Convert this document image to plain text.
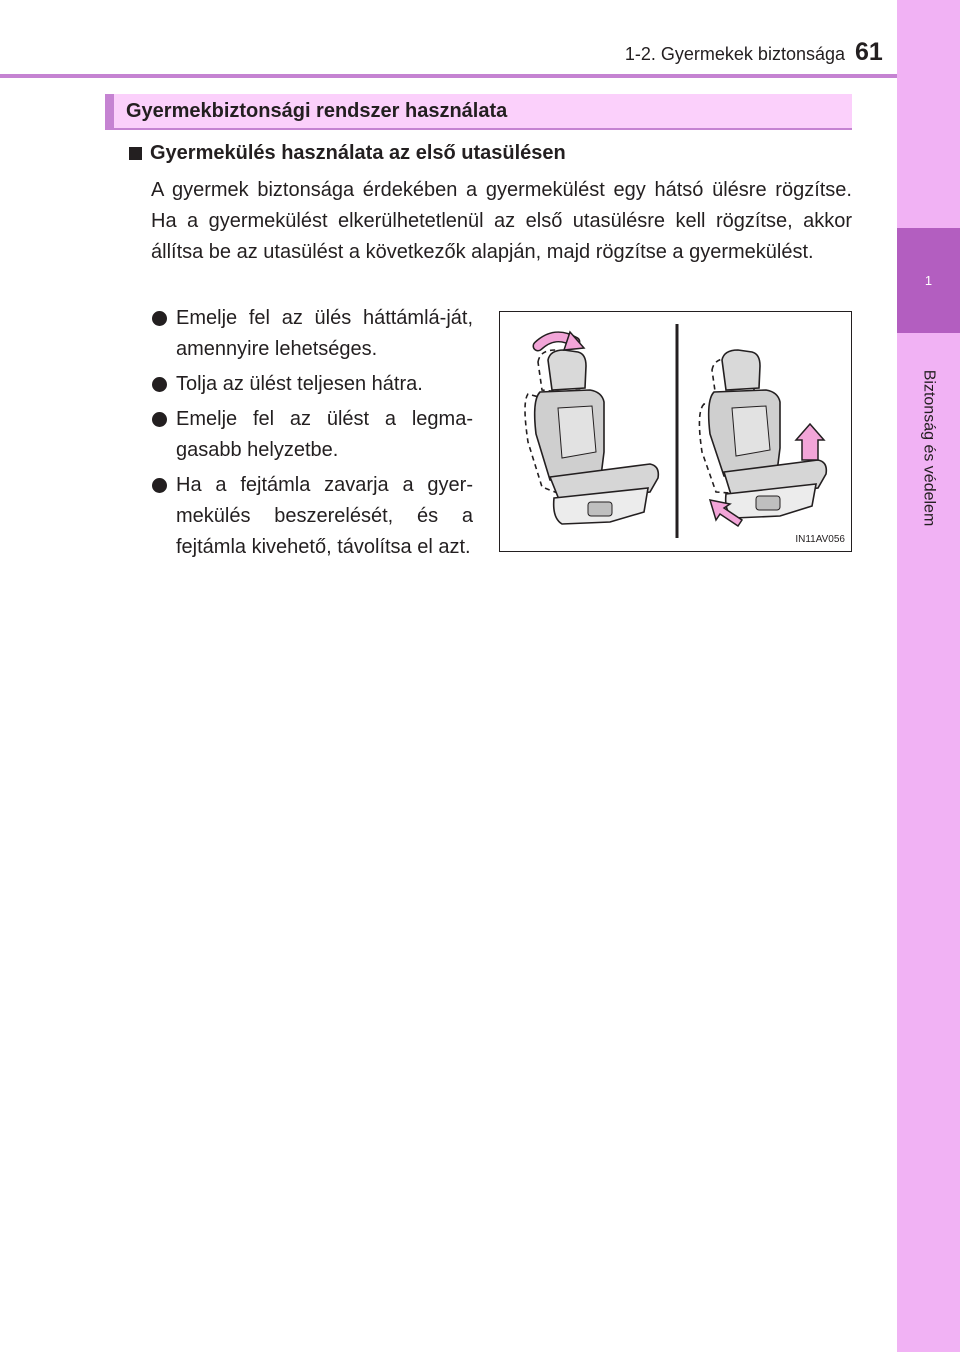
1
Biztonság és védelem
1-2. Gyermekek biztonsága 61
Gyermekbiztonsági rendszer használata
Gyermekülés használata az első utasülésen
A gyermek biztonsága érdekében a gyermekülést egy hátsó ülésre rögzítse. Ha a gyermekülést elkerülhetetlenül az első utasülésre kell rögzítse, akkor állítsa be az utasülést a következők alapján, majd rögzítse a gyermekülést.
Emelje fel az ülés háttámlá-ját, amennyire lehetséges.
Tolja az ülést teljesen hátra.
Emelje fel az ülést a legma-gasabb helyzetbe.
Ha a fejtámla zavarja a gyer-mekülés beszerelését, és a fejtámla kivehető, távolítsa el azt.	IN11AV056
